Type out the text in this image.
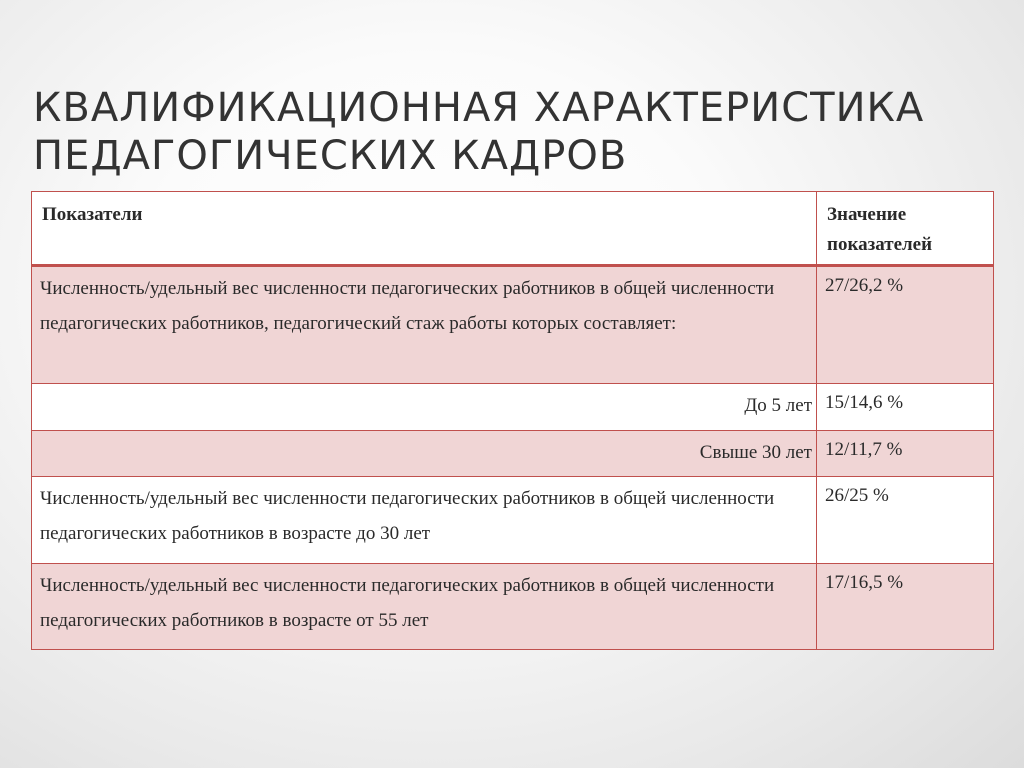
КВАЛИФИКАЦИОННАЯ ХАРАКТЕРИСТИКА
ПЕДАГОГИЧЕСКИХ КАДРОВ
Показатели	Значение показателей
Численность/удельный вес численности педагогических работников в общей численности педагогических работников, педагогический стаж работы которых составляет:	27/26,2 %
До 5 лет	15/14,6 %
Свыше 30 лет	12/11,7 %
Численность/удельный вес численности педагогических работников в общей численности педагогических работников в возрасте до 30 лет	26/25 %
Численность/удельный вес численности педагогических работников в общей численности педагогических работников в возрасте от 55 лет	17/16,5 %
